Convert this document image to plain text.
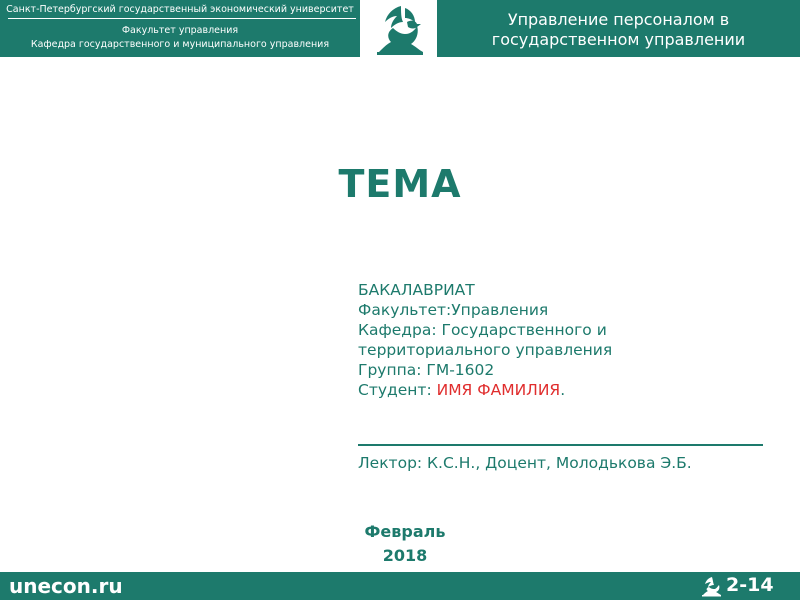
Санкт-Петербургский государственный экономический университет
Факультет управления
Кафедра государственного и муниципального управления
Управление персоналом в
государственном управлении
ТЕМА
БАКАЛАВРИАТ
Факультет:Управления
Кафедра: Государственного и
территориального управления
Группа: ГМ-1602
Студент: ИМЯ ФАМИЛИЯ.
Лектор: К.С.Н., Доцент, Молодькова Э.Б.
Февраль
2018
unecon.ru	2-14
